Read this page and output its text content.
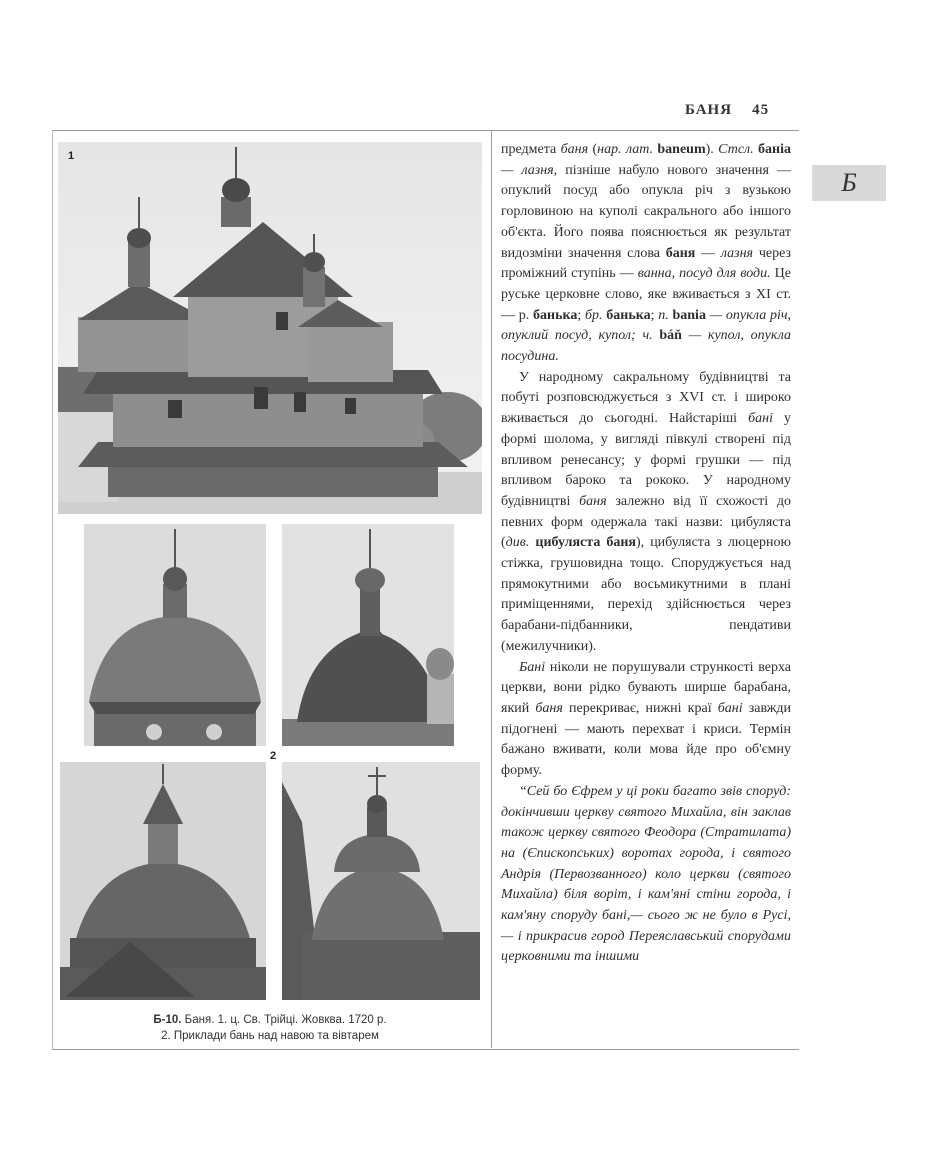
БАНЯ 45
Б
1
2
Б-10. Баня. 1. ц. Св. Трійці. Жовква. 1720 р.
2. Приклади бань над навою та вівтарем

предмета баня (нар. лат. baneum). Стсл. баніа— лазня, пізніше набуло нового значення — опуклий посуд або опукла річ з вузькою горловиною на куполі сакрального або іншого об'єкта. Його поява пояснюється як результат видозміни значення слова баня — лазня через проміжний ступінь — ванна, посуд для води. Це руське церковне слово, яке вживається з XI ст.— р. банька; бр. банька; п. bania — опукла річ, опуклий посуд, купол; ч. báň — купол, опукла посудина.

У народному сакральному будівництві та побуті розповсюджується з XVI ст. і широко вживається до сьогодні. Найстаріші бані у формі шолома, у вигляді півкулі створені під впливом ренесансу; у формі грушки — під впливом бароко та рококо. У народному будівництві баня залежно від її схожості до певних форм одержала такі назви: цибуляста (див. цибуляста баня), цибуляста з люцерною стіжка, грушовидна тощо. Споруджується над прямокутними або восьмикутними в плані приміщеннями, перехід здійснюється через барабани-підбанники, пендативи (межилучники).

Бані ніколи не порушували стрункості верха церкви, вони рідко бувають ширше барабана, який баня перекриває, нижні краї бані завжди підогнені — мають перехват і криси. Термін бажано вживати, коли мова йде про об'ємну форму.

“Сей бо Єфрем у ці роки багато звів споруд: докінчивши церкву святого Михайла, він заклав також церкву святого Феодора (Стратилата) на (Єпископських) воротах города, і святого Андрія (Первозванного) коло церкви (святого Михайла) біля воріт, і кам'яні стіни города, і кам'яну споруду бані,— сього ж не було в Русі,— і прикрасив город Переяславський спорудами церковними та іншими
